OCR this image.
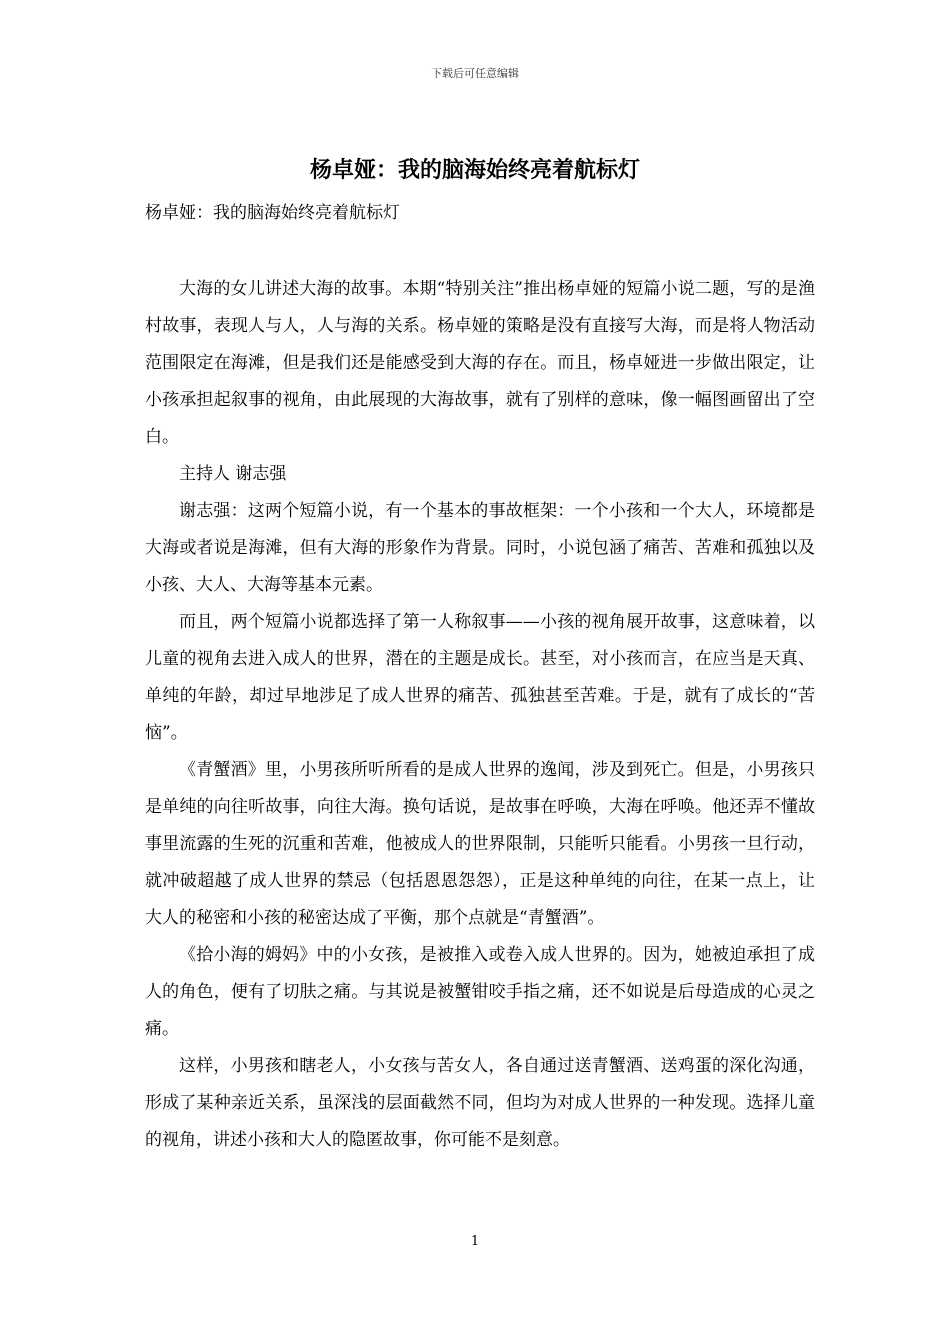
下载后可任意编辑
杨卓娅：我的脑海始终亮着航标灯

杨卓娅：我的脑海始终亮着航标灯

大海的女儿讲述大海的故事。本期“特别关注”推出杨卓娅的短篇小说二题，写的是渔村故事，表现人与人，人与海的关系。杨卓娅的策略是没有直接写大海，而是将人物活动范围限定在海滩，但是我们还是能感受到大海的存在。而且，杨卓娅进一步做出限定，让小孩承担起叙事的视角，由此展现的大海故事，就有了别样的意味，像一幅图画留出了空白。

主持人 谢志强

谢志强：这两个短篇小说，有一个基本的事故框架：一个小孩和一个大人，环境都是大海或者说是海滩，但有大海的形象作为背景。同时，小说包涵了痛苦、苦难和孤独以及小孩、大人、大海等基本元素。

而且，两个短篇小说都选择了第一人称叙事——小孩的视角展开故事，这意味着，以儿童的视角去进入成人的世界，潜在的主题是成长。甚至，对小孩而言，在应当是天真、单纯的年龄，却过早地涉足了成人世界的痛苦、孤独甚至苦难。于是，就有了成长的“苦恼”。

《青蟹酒》里，小男孩所听所看的是成人世界的逸闻，涉及到死亡。但是，小男孩只是单纯的向往听故事，向往大海。换句话说，是故事在呼唤，大海在呼唤。他还弄不懂故事里流露的生死的沉重和苦难，他被成人的世界限制，只能听只能看。小男孩一旦行动，就冲破超越了成人世界的禁忌（包括恩恩怨怨），正是这种单纯的向往，在某一点上，让大人的秘密和小孩的秘密达成了平衡，那个点就是“青蟹酒”。

《拾小海的姆妈》中的小女孩，是被推入或卷入成人世界的。因为，她被迫承担了成人的角色，便有了切肤之痛。与其说是被蟹钳咬手指之痛，还不如说是后母造成的心灵之痛。

这样，小男孩和瞎老人，小女孩与苦女人，各自通过送青蟹酒、送鸡蛋的深化沟通，形成了某种亲近关系，虽深浅的层面截然不同，但均为对成人世界的一种发现。选择儿童的视角，讲述小孩和大人的隐匿故事，你可能不是刻意。

1
